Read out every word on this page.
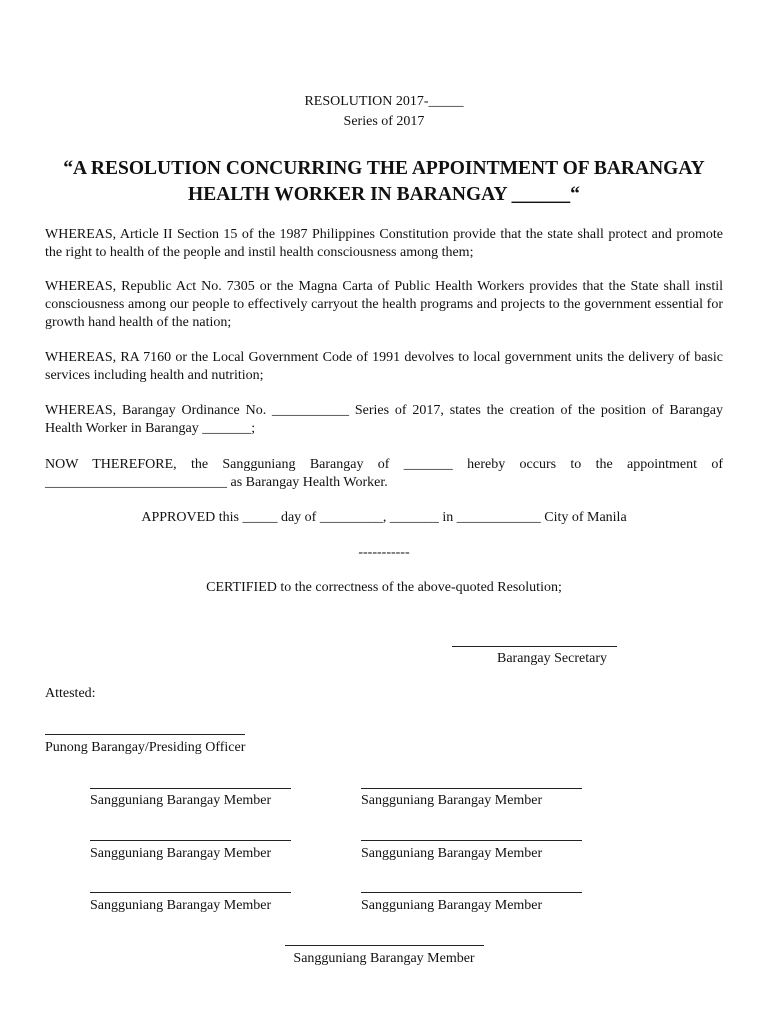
RESOLUTION 2017-_____
Series of 2017
“A RESOLUTION CONCURRING THE APPOINTMENT OF BARANGAY
HEALTH WORKER IN BARANGAY ______“
WHEREAS, Article II Section 15 of the 1987 Philippines Constitution provide that the state shall protect and promote the right to health of the people and instil health consciousness among them;
WHEREAS, Republic Act No. 7305 or the Magna Carta of Public Health Workers provides that the State shall instil consciousness among our people to effectively carryout the health programs and projects to the government essential for growth hand health of the nation;
WHEREAS, RA 7160 or the Local Government Code of 1991 devolves to local government units the delivery of basic services including health and nutrition;
WHEREAS, Barangay Ordinance No. ___________ Series of 2017, states the creation of the position of Barangay Health Worker in Barangay _______;
NOW THEREFORE, the Sangguniang Barangay of _______ hereby occurs to the appointment of __________________________ as Barangay Health Worker.
APPROVED this _____ day of _________, _______ in ____________ City of Manila
-----------
CERTIFIED to the correctness of the above-quoted Resolution;
Barangay Secretary
Attested:
Punong Barangay/Presiding Officer
Sangguniang Barangay Member	Sangguniang Barangay Member
Sangguniang Barangay Member	Sangguniang Barangay Member
Sangguniang Barangay Member	Sangguniang Barangay Member
Sangguniang Barangay Member
